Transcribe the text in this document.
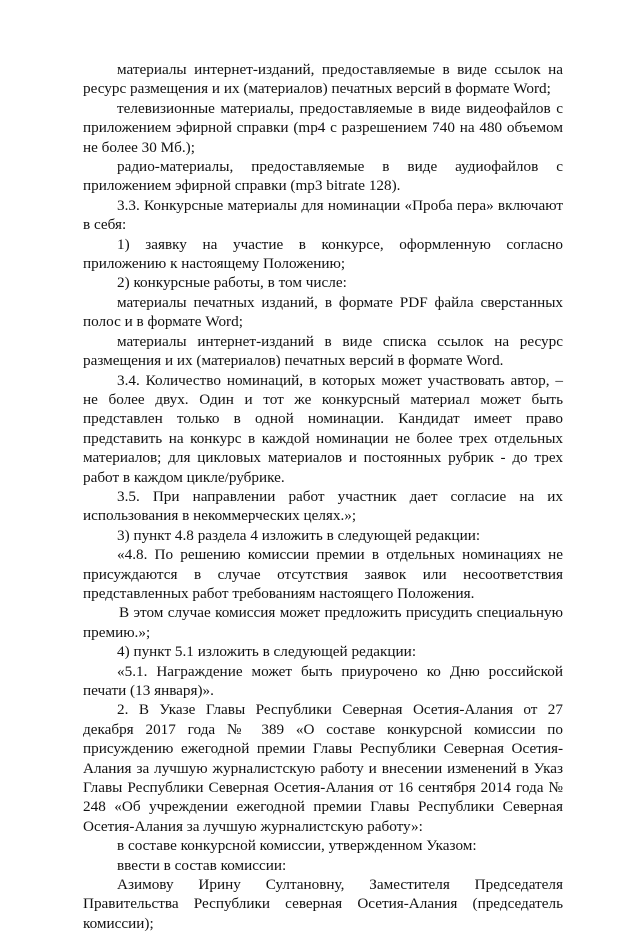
материалы интернет-изданий, предоставляемые в виде ссылок на ресурс размещения и их (материалов) печатных версий в формате Word;

телевизионные материалы, предоставляемые в виде видеофайлов с приложением эфирной справки (mp4 с разрешением 740 на 480 объемом не более 30 Мб.);

радио-материалы, предоставляемые в виде аудиофайлов с приложением эфирной справки (mp3 bitrate 128).

3.3. Конкурсные материалы для номинации «Проба пера» включают в себя:

1) заявку на участие в конкурсе, оформленную согласно приложению к настоящему Положению;

2) конкурсные работы, в том числе:

материалы печатных изданий, в формате PDF файла сверстанных полос и в формате Word;

материалы интернет-изданий в виде списка ссылок на ресурс размещения и их (материалов) печатных версий в формате Word.

3.4. Количество номинаций, в которых может участвовать автор, – не более двух. Один и тот же конкурсный материал может быть представлен только в одной номинации. Кандидат имеет право представить на конкурс в каждой номинации не более трех отдельных материалов; для цикловых материалов и постоянных рубрик - до трех работ в каждом цикле/рубрике.

3.5. При направлении работ участник дает согласие на их использования в некоммерческих целях.»;

3) пункт 4.8 раздела 4 изложить в следующей редакции:

«4.8. По решению комиссии премии в отдельных номинациях не присуждаются в случае отсутствия заявок или несоответствия представленных работ требованиям настоящего Положения.

В этом случае комиссия может предложить присудить специальную премию.»;

4) пункт 5.1 изложить в следующей редакции:

«5.1. Награждение может быть приурочено ко Дню российской печати (13 января)».

2. В Указе Главы Республики Северная Осетия-Алания от 27 декабря 2017 года № 389 «О составе конкурсной комиссии по присуждению ежегодной премии Главы Республики Северная Осетия-Алания за лучшую журналистскую работу и внесении изменений в Указ Главы Республики Северная Осетия-Алания от 16 сентября 2014 года № 248 «Об учреждении ежегодной премии Главы Республики Северная Осетия-Алания за лучшую журналистскую работу»:

в составе конкурсной комиссии, утвержденном Указом:

ввести в состав комиссии:

Азимову Ирину Султановну, Заместителя Председателя Правительства Республики северная Осетия-Алания (председатель комиссии);
